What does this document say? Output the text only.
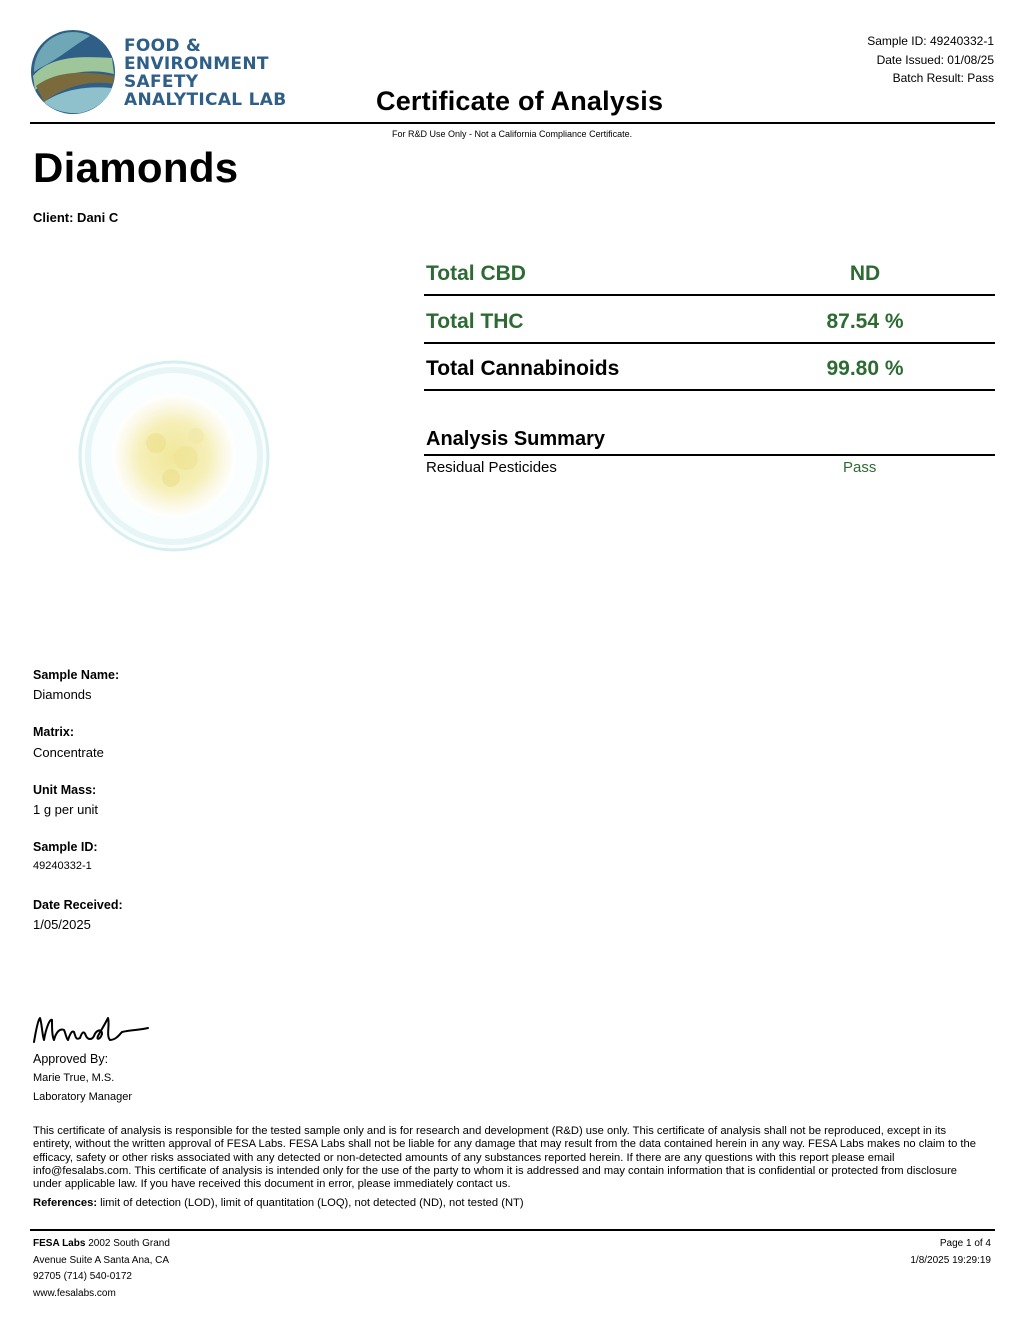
FOOD &
ENVIRONMENT
SAFETY
ANALYTICAL LAB
Sample ID: 49240332-1
Date Issued: 01/08/25
Batch Result: Pass
Certificate of Analysis
For R&D Use Only - Not a California Compliance Certificate.
Diamonds
Client: Dani C
Total CBD	ND
Total THC	87.54 %
Total Cannabinoids	99.80 %
Analysis Summary
Residual Pesticides	Pass
Sample Name:
Diamonds
Matrix:
Concentrate
Unit Mass:
1 g per unit
Sample ID:
49240332-1
Date Received:
1/05/2025
Approved By:
Marie True, M.S.
Laboratory Manager
This certificate of analysis is responsible for the tested sample only and is for research and development (R&D) use only. This certificate of analysis shall not be reproduced, except in its entirety, without the written approval of FESA Labs. FESA Labs shall not be liable for any damage that may result from the data contained herein in any way. FESA Labs makes no claim to the efficacy, safety or other risks associated with any detected or non-detected amounts of any substances reported herein. If there are any questions with this report please email info@fesalabs.com. This certificate of analysis is intended only for the use of the party to whom it is addressed and may contain information that is confidential or protected from disclosure under applicable law. If you have received this document in error, please immediately contact us.
References: limit of detection (LOD), limit of quantitation (LOQ), not detected (ND), not tested (NT)
FESA Labs 2002 South Grand
Avenue Suite A Santa Ana, CA
92705 (714) 540-0172
www.fesalabs.com
Page 1 of 4
1/8/2025 19:29:19
